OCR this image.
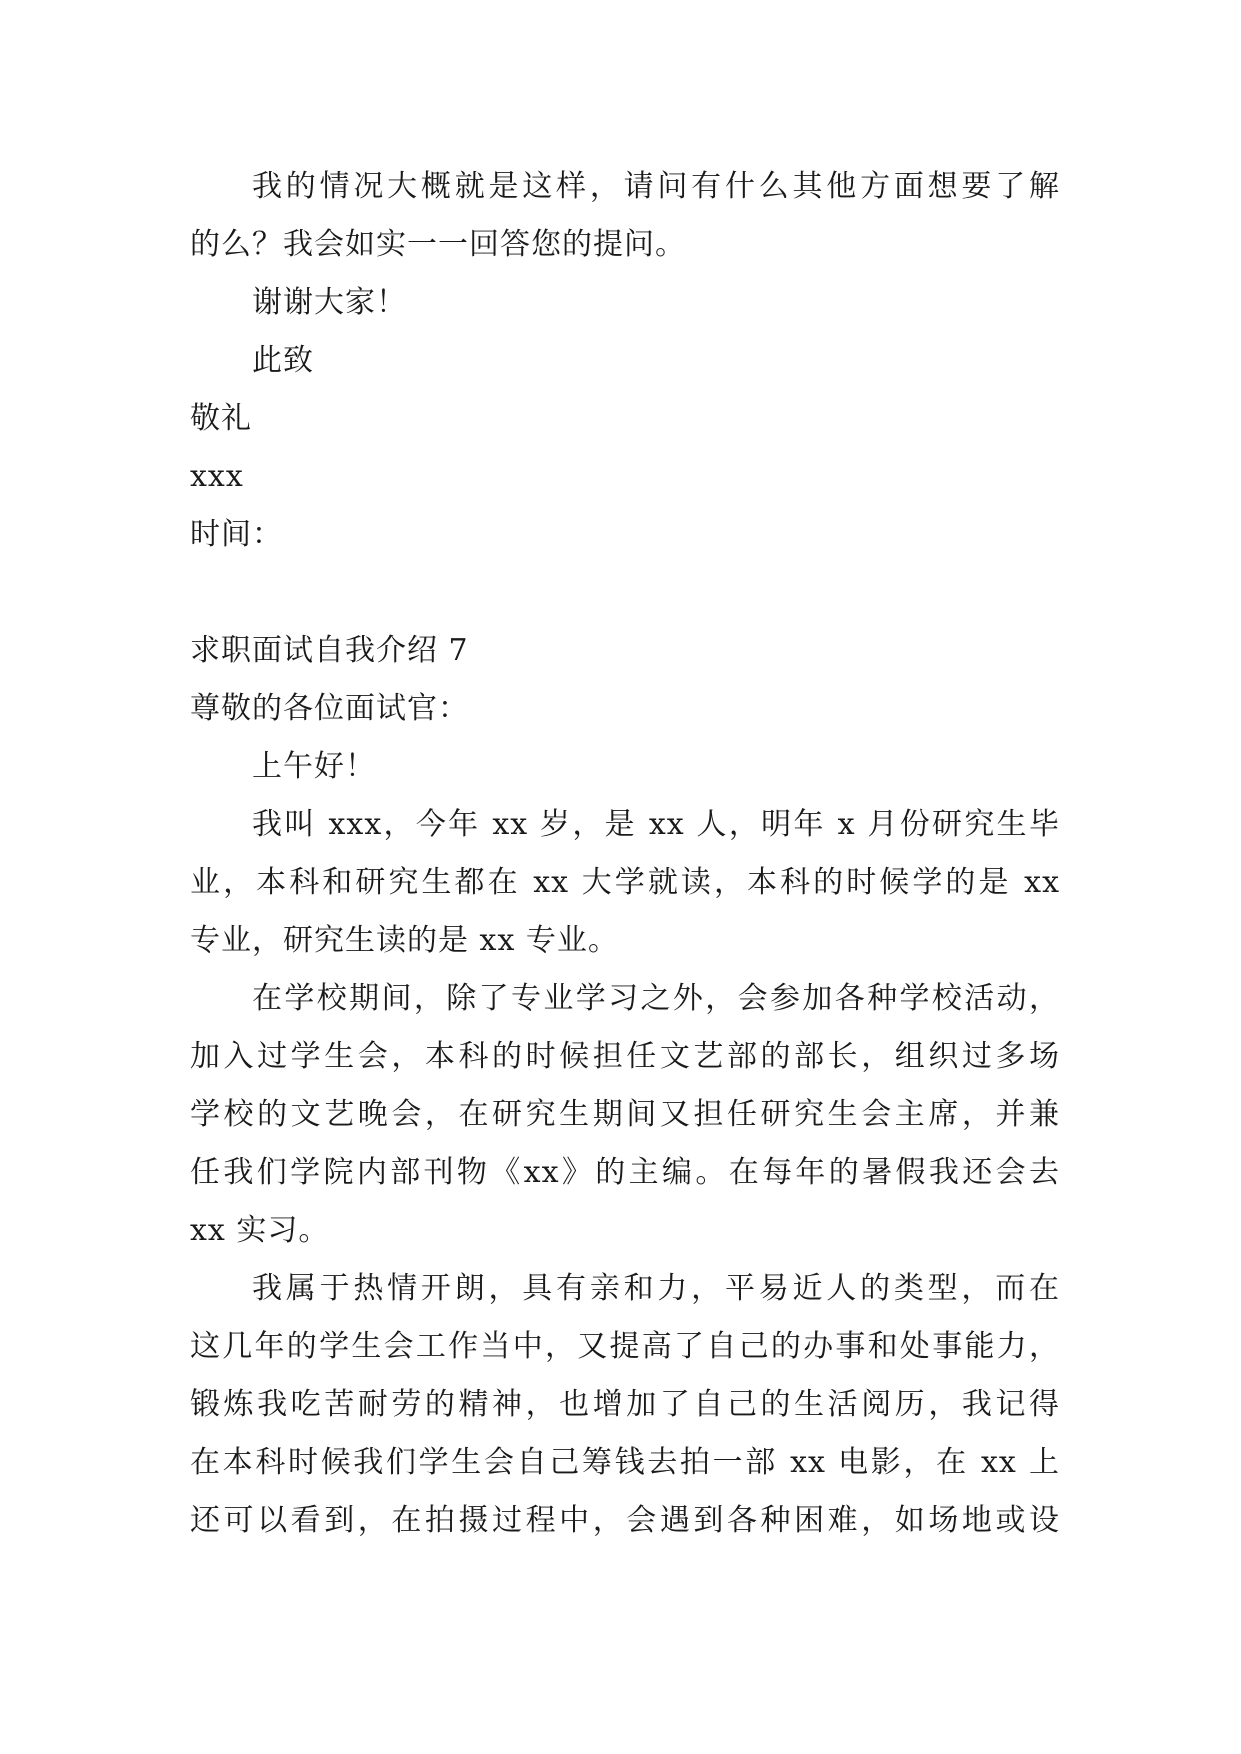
我的情况大概就是这样，请问有什么其他方面想要了解
的么？我会如实一一回答您的提问。
谢谢大家！
此致
敬礼
xxx
时间：
求职面试自我介绍 7
尊敬的各位面试官：
上午好！
我叫 xxx，今年 xx 岁，是 xx 人，明年 x 月份研究生毕
业，本科和研究生都在 xx 大学就读，本科的时候学的是 xx
专业，研究生读的是 xx 专业。
在学校期间，除了专业学习之外，会参加各种学校活动，
加入过学生会，本科的时候担任文艺部的部长，组织过多场
学校的文艺晚会，在研究生期间又担任研究生会主席，并兼
任我们学院内部刊物《xx》的主编。在每年的暑假我还会去
xx 实习。
我属于热情开朗，具有亲和力，平易近人的类型，而在
这几年的学生会工作当中，又提高了自己的办事和处事能力，
锻炼我吃苦耐劳的精神，也增加了自己的生活阅历，我记得
在本科时候我们学生会自己筹钱去拍一部 xx 电影，在 xx 上
还可以看到，在拍摄过程中，会遇到各种困难，如场地或设
